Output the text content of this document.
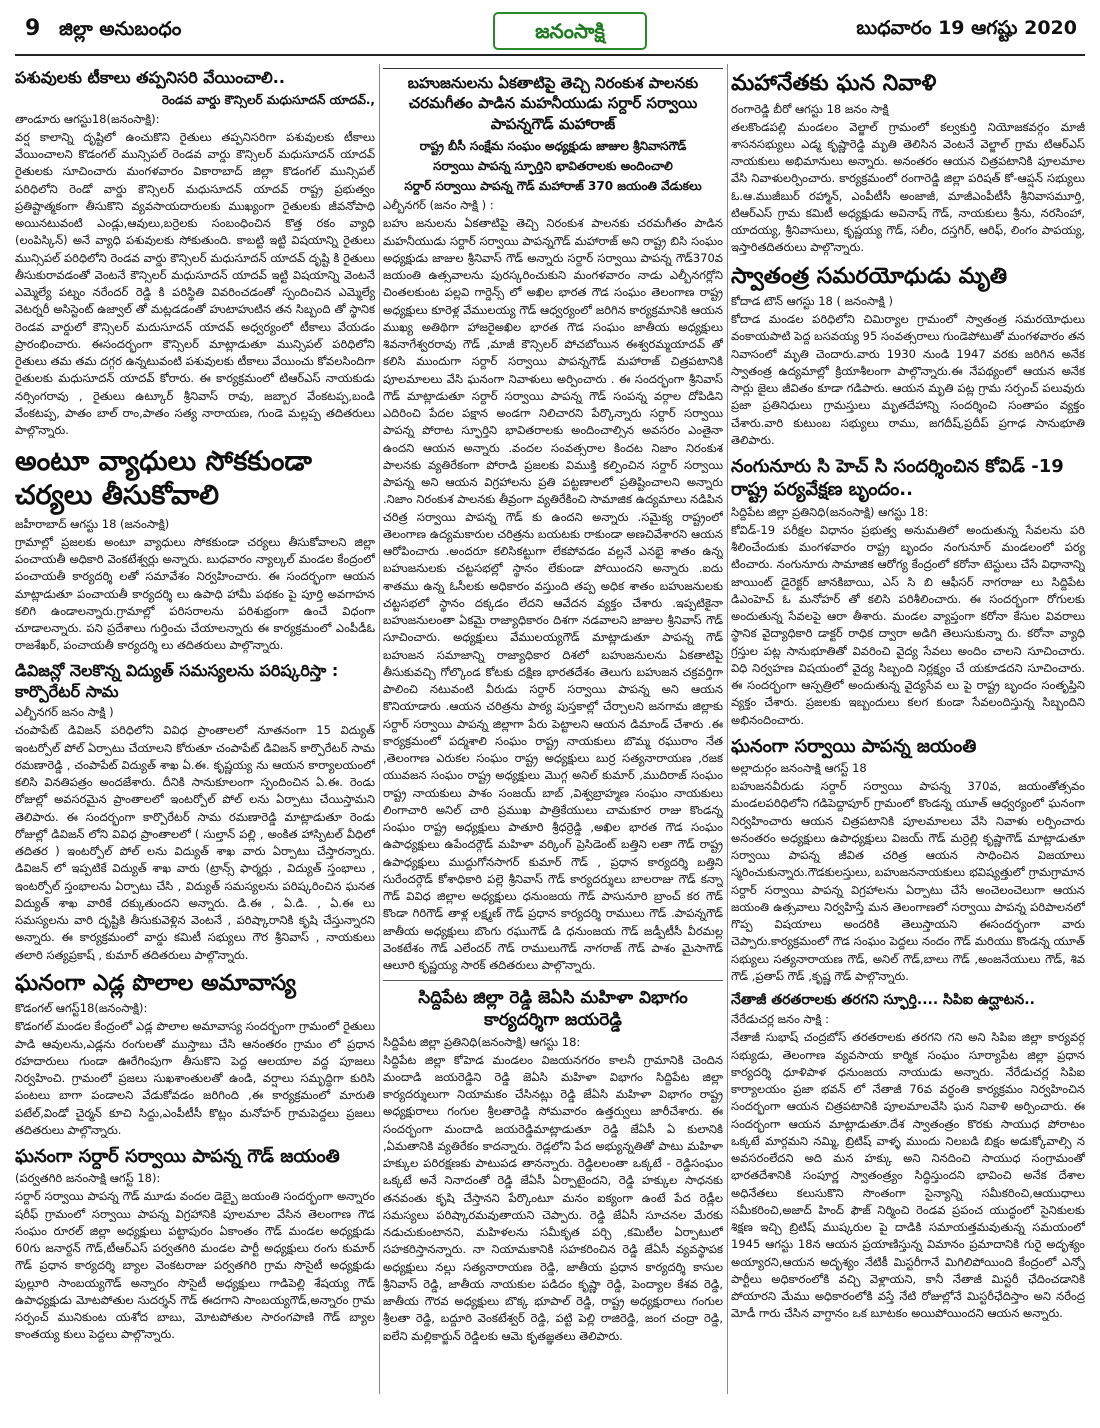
9 జిల్లా అనుబంధం	జనంసాక్షి	బుధవారం 19 ఆగష్టు 2020
పశువులకు టీకాలు తప్పనిసరి వేయించాలి..
రెండవ వార్డు కౌన్సిలర్ మధుసూదన్ యాదవ్.,
తాండూరు ఆగస్టు18(జనంసాక్షి):

వర్ష కాలాన్ని దృష్టిలో ఉంచుకొని రైతులు తప్పనిసరిగా పశువులకు టీకాలు వేయించాలని కొడంగల్ మున్సిపల్ రెండవ వార్డు కౌన్సిలర్ మధుసూదన్ యాదవ్ రైతులకు సూచించారు మంగళవారం వికారాబాద్ జిల్లా కొడంగల్ మున్సిపల్ పరిధిలోని రెండో వార్డు కౌన్సిలర్ మధుసూదన్ యాదవ్ రాష్ట్ర ప్రభుత్వం ప్రతిష్టాత్మకంగా తీసుకొని వ్యవసాయదారులకు ముఖ్యంగా రైతులకు జీవనోపాధి అయినటువంటి ఎండ్లు,ఆవులు,బర్రెలకు సంబంధించిన కొత్త రకం వ్యాధి (లంపిస్కిన్) అనే వ్యాధి పశువులకు సోకుతుంది. కాబట్టి ఇట్టి విషయాన్ని రైతులు మున్సిపల్ పరిధిలోని రెండవ వార్డు కౌన్సిలర్ మధుసూదన్ యాదవ్ దృష్టి కి రైతులు తీసుకురావడంతో వెంటనే కౌన్సిలర్ మధుసూదన్ యాదవ్ ఇట్టి విషయాన్ని వెంటనే ఎమ్మెల్యే పట్నం నరేందర్ రెడ్డి కి పరిస్థితి వివరించడంతో స్పందించిన ఎమ్మెల్యే వెటర్నరీ అసిస్టెంట్ ఉజ్వాల్ తో మట్లడడంతో హుటాహుటిన తన సిబ్బంది తో స్థానిక రెండవ వార్డులో కౌన్సిలర్ మదుసూదన్ యాదవ్ అధ్వర్యంలో టీకాలు వేయడం ప్రారంభించారు. ఈసందర్భంగా కౌన్సిలర్ మాట్లాడుతూ మున్సిపల్ పరిధిలోని రైతులు తమ తమ దగ్గర ఉన్నటువంటి పశువులకు టీకాలు వేయించు కోవలసిందిగా రైతులకు మధుసూదన్ యాదవ్ కోరారు. ఈ కార్యక్రమంలో టిఆర్ఎస్ నాయకుడు నర్సింగరావు , రైతులు ఉట్కూర్ శ్రీనివాస్ రావు, జబ్బార వేంకటప్ప,బండి వేంకటప్ప, పాతం బాల్ రాం,పాతం సత్య నారాయణ, గుండె మల్లప్ప తదితరులు పాల్గొన్నారు.

అంటూ వ్యాధులు సోకకుండా చర్యలు తీసుకోవాలి
జహీరాబాద్ ఆగస్టు 18 (జనంసాక్షి)

గ్రామాల్లో ప్రజలకు అంటూ వ్యాధులు సోకకుండా చర్యలు తీసుకోవాలని జిల్లా పంచాయతీ అధికారి వెంకటేశ్వర్లు అన్నారు. బుధవారం న్యాల్కల్ మండల కేంద్రంలో పంచాయతీ కార్యదర్శి లతో సమావేశం నిర్వహించారు. ఈ సందర్భంగా ఆయన మాట్లాడుతూ పంచాయతీ కార్యదర్శి లు ఉపాధి హామీ పథకం పై పూర్తి అవగాహన కలిగి ఉండాలన్నారు.గ్రామాల్లో పరిసరాలను పరిశుభ్రంగా ఉంచే విధంగా చూడాలన్నారు. పని ప్రదేశాలు గుర్తించు చేయాలన్నారు ఈ కార్యక్రమంలో ఎంపీడీఓ రాజశేఖర్, పంచాయతీ కార్యదర్శి లు తదితరులు పాల్గొన్నారు.

డివిజన్లో నెలకొన్న విద్యుత్ సమస్యలను పరిష్కరిస్తా : కార్పొరేటర్ సామ
ఎల్బీనగర్ జనం సాక్షి )

చంపాపేట్ డివిజన్ పరిధిలోని వివిధ ప్రాంతాలలో నూతనంగా 15 విద్యుత్ ఇంటర్పోల్ పోల్ ఏర్పాటు చేయాలని కోరుతూ చంపాపేట్ డివిజన్ కార్పొరేటర్ సామ రమణారెడ్డి , చంపాపేట్ విద్యుత్ శాఖ ఏ.ఈ. కృష్ణయ్య ను ఆయన కార్యాలయంలో కలిసి వినతిపత్రం అందజేశారు. దీనికి సానుకూలంగా స్పందించిన ఏ.ఈ. రెండు రోజుల్లో అవసరమైన ప్రాంతాలలో ఇంటర్పోల్ పోల్ లను ఏర్పాటు చేయిస్తామని తెలిపారు. ఈ సందర్భంగా కార్పొరేటర్ సామ రమణారెడ్డి మాట్లాడుతూ రెండు రోజుల్లో డివిజన్ లోని వివిధ ప్రాంతాలలో ( సుల్తాన్ పల్లి , అంకిత హాస్పిటల్ వీధిలో తదితర ) ఇంటర్పోల్ పోల్ లను విద్యుత్ శాఖ వారు ఏర్పాటు చేస్తారన్నారు. డివిజన్ లో ఇప్పటికే విద్యుత్ శాఖ వారు (ట్రాన్స్ ఫార్మర్లు , విద్యుత్ స్తంభాలు , ఇంటర్పోల్ స్తంభాలను ఏర్పాటు చేసి , విద్యుత్ సమస్యలను పరిష్కరించిన ఘనత విద్యుత్ శాఖ వారికే దక్కుతుందని అన్నారు. డి.ఈ , ఏ.డి. , ఏ.ఈ లు సమస్యలను వారి దృష్టికి తీసుకువెళ్లిన వెంటనే , పరిష్కారానికి కృషి చేస్తున్నారని అన్నారు. ఈ కార్యక్రమంలో వార్డు కమిటీ సభ్యులు గౌర శ్రీనివాస్ , నాయకులు తలారి సత్యప్రకాష్ , కుమార్ తదితరులు పాల్గొన్నారు.

ఘనంగా ఎడ్ల పొలాల అమావాస్య
కొడంగల్ ఆగస్ట్18(జనంసాక్షి):

కొడంగల్ మండల కేంద్రంలో ఎడ్ల పొలాల అమావాస్య సందర్భంగా గ్రామంలో రైతులు పాడి ఆవులను,ఎడ్లను రంగులతో ముస్తాబు చేసి ఆనంతరం గ్రామం లో ప్రధాన రహదారులు గుండా ఊరేగింపుగా తీసుకొని పెద్ద ఆలయాల వద్ద పూజలు నిర్వహించి. గ్రామంలో ప్రజలు సుఖశాంతులతో ఉండి, వర్షాలు సమృద్ధిగా కురిసి పంటలు బాగా పండాలని వేడుకోవడం జరిగింది ,ఈ కార్యక్రమంలో మారుతి పటేల్,విండో చైర్మన్ కూచి సిద్దు,ఎంపీటీసీ కొట్లం మనోహర్ గ్రామపెద్దలు ప్రజలు తదితరులు పాల్గొన్నారు.

ఘనంగా సర్దార్ సర్వాయి పాపన్న గౌడ్ జయంతి
(పర్వతగిరి జనంసాక్షి ఆగస్ట్ 18):

సర్దార్ సర్వాయి పాపన్న గౌడ్ మూడు వందల డెబ్బై జయంతి సందర్భంగా అన్నారం షరీఫ్ గ్రామంలో సర్వాయి పాపన్న విగ్రహానికి పూలమాల వేసిన తెలంగాణ గౌడ సంఘం రూరల్ జిల్లా అధ్యక్షులు పట్టాపురం ఏకాంతం గౌడ్ మండల అధ్యక్షుడు 60గు జనార్దన్ గౌడ్,టీఆర్ఎస్ పర్వతగిరి మండల పార్టీ అధ్యక్షులు రంగు కుమార్ గౌడ్ ప్రధాన కార్యదర్శి బ్యాల వెంకటరాజు పర్వతగిరి గ్రామ సొసైటీ అధ్యక్షుడు పుల్లూరి సాంబయ్యగౌడ్ అన్నారం సొసైటీ అధ్యక్షులు గాడిపెల్లి శేషయ్య గౌడ్ ఉపాధ్యక్షుడు మోటపోతుల సుదర్శన్ గౌడ్ ఈదగాని సాంబయ్యగౌడ్,అన్నారం గ్రామ సర్పంచ్ మునికుంట యశోద బాబు, మోటపోతుల సారంగపాణి గౌడ్ బ్యాల కాంతయ్య కులు పెద్దలు పాల్గొన్నారు.

బహుజనులను ఏకతాటిపై తెచ్చి నిరంకుశ పాలనకు చరమగీతం పాడిన మహనీయుడు సర్దార్ సర్వాయి పాపన్నగౌడ్ మహారాజ్
రాష్ట్ర బీసీ సంక్షేమ సంఘం అధ్యక్షుడు జాజుల శ్రీనివాసగౌడ్
సర్వాయి పాపన్న స్ఫూర్తిని భావితరాలకు అందించాలి
సర్దార్ సర్వాయి పాపన్న గౌడ్ మహారాజ్ 370 జయంతి వేడుకలు
ఎల్బీనగర్ (జనం సాక్షి ) :

బహు జనులను ఏకతాటిపై తెచ్చి నిరంకుశ పాలనకు చరమగీతం పాడిన మహనీయుడు సర్దార్ సర్వాయి పాపన్నగౌడ్ మహారాజ్ అని రాష్ట్ర బిసి సంఘం అధ్యక్షుడు జాజుల శ్రీనివాస్ గౌడ్ అన్నారు సర్దార్ సర్వాయి పాపన్న గౌడ్370వ జయంతి ఉత్సవాలను పురస్కరించుకుని మంగళవారం నాడు ఎల్బీనగర్లోని చింతలకుంట పల్లవి గార్డెన్స్ లో అఖిల భారత గౌడ సంఘం తెలంగాణ రాష్ట్ర అధ్యక్షులు కూరెళ్ల వేములయ్య గౌడ్ ఆధ్వర్యంలో జరిగిన కార్యక్రమానికి ఆయన ముఖ్య అతిథిగా హాజరైఅఖిల భారత గౌడ సంఘం జాతీయ అధ్యక్షులు శివనాగేశ్వరరావు గౌడ్ ,మాజీ కౌన్సిలర్ పోచబోయిన ఈశ్వరమ్మయాదవ్ తో కలిసి ముందుగా సర్దార్ సర్వాయి పాపన్నగౌడ్ మహారాజ్ చిత్రపటానికి పూలమాలలు వేసి ఘనంగా నివాళులు అర్పించారు . ఈ సందర్భంగా శ్రీనివాస్ గౌడ్ మాట్లాడుతూ సర్దార్ సర్వాయి పాపన్న గౌడ్ సంపన్న వర్గాల దోపిడిని ఎదిరించి పేదల పక్షాన అండగా నిలిచారని పేర్కొన్నారు సర్దార్ సర్వాయి పాపన్న పోరాట స్ఫూర్తిని భావితరాలకు అందించాల్సిన అవసరం ఎంతైనా ఉందని ఆయన అన్నారు .వందల సంవత్సరాల కిందట నిజాం నిరంకుశ పాలనకు వ్యతిరేకంగా పోరాడి ప్రజలకు విముక్తి కల్పించిన సర్దార్ సర్వాయి పాపన్న అని ఆయన విగ్రహాలను ప్రతి పట్టణాలలో ప్రతిష్టించాలని అన్నారు .నిజాం నిరంకుశ పాలనకు తీవ్రంగా వ్యతిరేకించి సామాజిక ఉద్యమాలు నడిపిన చరిత్ర సర్వాయి పాపన్న గౌడ్ కు ఉందని అన్నారు .సమైక్య రాష్ట్రంలో తెలంగాణ ఉద్యమకారుల చరిత్రను బయటకు రాకుండా అణచివేశారని ఆయన ఆరోపించారు .అందరూ కలిసికట్టుగా లేకపోవడం వల్లనే ఎనభై శాతం ఉన్న బహుజనులకు చట్టసభల్లో స్థానం లేకుండా పోయిందని అన్నారు .ఐదు శాతము ఉన్న ఓసీలకు అధికారం వస్తుంది తప్ప అధిక శాతం బహుజనులకు చట్టసభలో స్థానం దక్కడం లేదని ఆవేదన వ్యక్తం చేశారు .ఇప్పటికైనా బహుజనులంతా ఏకమై రాజ్యాధికారం దిశగా నడవాలని జాజుల శ్రీనివాస్ గౌడ్ సూచించారు. అధ్యక్షులు వేములయ్యగౌడ్ మాట్లాడుతూ పాపన్న గౌడ్ బహుజన సమాజాన్ని రాజ్యాధికార దిశలో బహుజనులను ఏకతాటిపై తీసుకువచ్చి గోల్కొండ కోటకు దక్షిణ భారతదేశం తెలుగు బహుజన చక్రవర్తిగా పాలించి నటువంటి వీరుడు సర్దార్ సర్వాయి పాపన్న అని ఆయన కొనియాడారు .ఆయన చరిత్రను పాఠ్య పుస్తకాల్లో చేర్చాలని జనగామ జిల్లాకు సర్దార్ సర్వాయి పాపన్న జిల్లాగా పేరు పెట్టాలని ఆయన డిమాండ్ చేశారు .ఈ కార్యక్రమంలో పద్మశాలి సంఘం రాష్ట్ర నాయకులు బొమ్మ రఘురాం నేత ,తెలంగాణ ఎరుకల సంఘం రాష్ట్ర అధ్యక్షులు బుర్ర సత్యనారాయణ ,రజక యువజన సంఘం రాష్ట్ర అధ్యక్షులు మొగ్గ అనిల్ కుమార్ ,ముదిరాజ్ సంఘం రాష్ట్ర నాయకులు పాశం సంజయ్ బాబ్ ,విశ్వబ్రాహ్మణ సంఘం నాయకులు లింగాచారి అనిల్ చారి ప్రముఖ పాత్రికేయులు చామకూర రాజు కొండన్న సంఘం రాష్ట్ర అధ్యక్షులు పాతూరి శ్రీధర్రెడ్డి ,అఖిల భారత గౌడ సంఘం ఉపాధ్యక్షులు ఉపేందర్గౌడ్ మహిళా వర్కింగ్ ప్రెసిడెంట్ బత్తిని లతా గౌడ్ రాష్ట్ర ఉపాధ్యక్షులు ముద్దుగోనసాగర్ కుమార్ గౌడ్ , ప్రధాన కార్యదర్శి బత్తిని సురేందర్గౌడ్ కోశాధికారి పల్లె శ్రీనివాస్ గౌడ్ కార్యదర్శులు బాలరాజు గౌడ్ కన్నా గౌడ్ వివిధ జిల్లాల అధ్యక్షులు ధనుంజయ గౌడ్ పాసునూరి బ్రాంచ్ కర గౌడ్ కొండా గిరిగౌడ్ తాళ్ల లక్ష్మణ్ గౌడ్ ప్రధాన కార్యదర్శి రాములు గౌడ్ .పాపన్నగౌడ్ జాతీయ అధ్యక్షులు బొంగు రఘుగౌడ్ డి ధనుంజయ గౌడ్ జడ్పీటీసీ వీరమల్ల వెంకటేశం గౌడ్ ఎలేందర్ గౌడ్ రాములుగౌడ్ నాగరాజ్ గౌడ్ పాశం మైసాగౌడ్ ఆలూరి కృష్ణయ్య సారక్ తదితరులు పాల్గొన్నారు.

సిద్దిపేట జిల్లా రెడ్డి జెఏసి మహిళా విభాగం కార్యదర్శిగా జయరెడ్డి
సిద్దిపేట జిల్లా ప్రతినిధి(జనంసాక్షి) ఆగస్టు 18:

సిద్దిపేట జిల్లా కోహెడ మండలం విజయనగరం కాలనీ గ్రామానికి చెందిన మందాడి జయరెడ్డిని రెడ్డి జెఏసి మహిళా విభాగం సిద్దిపేట జిల్లా కార్యదర్శులుగా నియామకం చేసినట్లు రెడ్డి జేఏసి మహిళా విభాగం రాష్ట్ర అధ్యక్షురాలు గంగుల శ్రీలతారెడ్డి సోమవారం ఉత్తర్వులు జారీచేశారు. ఈ సందర్భంగా మందాడి జయరెడ్డిమాట్లాడుతూ రెడ్డి జేఏసీ ఏ కులానికి ,ఏమతానికి వ్యతిరేకం కాదన్నారు. రెడ్లలోని పేద అభ్యున్నతితో పాటు మహిళా హక్కుల పరిరక్షణకు పాటుపడ తానన్నారు. రెడ్డిలలంతా ఒక్కటే - రెడ్డిసంఘం ఒక్కటే అనే నినాదంతో రెడ్డి జేఏసీ ఏర్పాటైందని, రెడ్డి హక్కుల సాధనకు తనవంతు కృషి చేస్తానని పేర్కొంటూ మనం ఐక్యంగా ఉంటే పేద రెడ్లీల సమస్యలు పరిష్కారమవుతాయని చెప్పారు. రెడ్డి జేఏసీ సూచనల మేరకు నడుచుకుంటానని, మహిళలను సమీకృత పర్చి ,కమిటీల ఏర్పాటులో సహకరిస్తానన్నారు. నా నియామకానికి సహకరించిన రెడ్డి జేఏసీ వ్యవస్థాపక అధ్యక్షులు నల్లు సత్యనారాయణ రెడ్డి, జాతీయ ప్రధాన కార్యదర్శి కాసుల శ్రీనివాస్ రెడ్డి, జాతీయ నాయకుల పడిదం కృష్ణా రెడ్డి, పెంద్యాల కేశవ రెడ్డి, జాతీయ గౌరవ అధ్యక్షులు బొక్క భూపాల్ రెడ్డి, రాష్ట్ర అధ్యక్షురాలు గంగుల శ్రీలతా రెడ్డి, బద్దూరి వెంకటేశ్వర్ రెడ్డి, పట్టి పెల్లి రాజిరెడ్డి, జంగ చంద్రా రెడ్డి, ఐలేని మల్లికార్జున్ రెడ్డిలకు ఆమె కృతజ్ఞతలు తెలిపారు.

మహానేతకు ఘన నివాళి
రంగారెడ్డి బీరో ఆగస్టు 18 జనం సాక్షి

తలకొండపల్లి మండలం వెల్జాల్ గ్రామంలో కల్వకుర్తి నియోజకవర్గం మాజీ శాసనసభ్యులు ఎడ్మ కృష్ణారెడ్డి మృతి తెలిసిన వెంటనే వెల్జాల్ గ్రామ టిఆర్ఎస్ నాయకులు అభిమానులు అన్నారు. అనంతరం ఆయన చిత్రపటానికి పూలమాల వేసి నివాళులర్పించారు. కార్యక్రమంలో రంగారెడ్డి జిల్లా పరిషత్ కో-ఆప్షన్ సభ్యులు ఓ.ఆ.ముజీబుర్ రహ్మాన్, ఎంపీటీసీ అంజాజీ, మాజీఎంపీటీసీ శ్రీనివాసమూర్తి, టిఆర్ఎస్ గ్రామ కమిటీ అధ్యక్షుడు అవినాష్ గౌడ్, నాయకులు శ్రీను, నరసింహా, యాదయ్య, శ్రీనివాసులు, కృష్ణయ్య గౌడ్, సలీం, దస్తగిర్, ఆరిఫ్, లింగం పాపయ్య, ఇస్తారితదితరులు పాల్గొన్నారు.

స్వాతంత్ర సమరయోధుడు మృతి
కోదాడ టౌన్ ఆగస్టు 18 ( జనంసాక్షి )

కోదాడ మండల పరిధిలోని చిమిర్యాల గ్రామంలో స్వాతంత్ర సమరయోధులు వంకాయపాటి పెద్ద బసవయ్య 95 సంవత్సరాలు గుండెపోటుతో మంగళవారం తన నివాసంలో మృతి చెందారు.వారు 1930 నుండి 1947 వరకు జరిగిన అనేక స్వాతంత్ర ఉద్యమాల్లో క్రియాశీలంగా పాల్గొన్నారు.ఈ నేపథ్యంలో ఆయన అనేక సార్లు జైలు జీవితం కూడా గడిపారు. ఆయన మృతి పట్ల గ్రామ సర్పంచ్ పలువురు ప్రజా ప్రతినిధులు గ్రామస్తులు మృతదేహాన్ని సందర్శించి సంతాపం వ్యక్తం చేశారు.వారి కుటుంబ సభ్యులు రాము, జగదీష్,ప్రదీప్ ప్రగాఢ సానుభూతి తెలిపారు.

నంగునూరు సి హెచ్ సి సందర్శించిన కోవిడ్ -19 రాష్ట్ర పర్యవేక్షణ బృందం..
సిద్దిపేట జిల్లా ప్రతినిధి(జనంసాక్షి) ఆగస్టు 18:

కోవిడ్-19 పరీక్షల విధానం ప్రభుత్వ అనుమతిలో అందుతున్న సేవలను పరి శీలించేందుకు మంగళవారం రాష్ట్ర బృందం నంగునూర్ మండలంలో పర్య టించారు. నంగునూరు సామాజిక ఆరోగ్య కేంద్రంలో కరోనా టెస్టులు చేసే విధానాన్ని జాయింట్ డైరెక్టర్ జానకిబాయి, ఎస్ సి బి ఆఫీసర్ నాగరాజు లు సిద్దిపేట డిఎంహెచ్ ఓ మనోహర్ తో కలిసి పరిశీలించారు. ఈ సందర్భంగా రోగులకు అందుతున్న సేవలపై ఆరా తీశారు. మండల వ్యాప్తంగా కరోనా కేసుల వివరాలు స్థానిక వైద్యాధికారి డాక్టర్ రాధిక ద్వారా అడిగి తెలుసుకున్నా రు. కరోనా వ్యాధి గ్రస్తుల పట్ల సానుభూతితో వివరించి వైద్య సేవలు అందిం చాలని సూచించారు. విధి నిర్వహణ విషయంలో వైద్య సిబ్బంది నిర్లక్ష్యం చే యకూడదని సూచించారు. ఈ సందర్భంగా ఆస్పత్రిలో అందుతున్న వైద్యసేవ లు పై రాష్ట్ర బృందం సంతృప్తిని వ్యక్తం చేశారు. ప్రజలకు ఇబ్బందులు కలగ కుండా సేవలందిస్తున్న సిబ్బందిని అభినందించారు.

ఘనంగా సర్వాయి పాపన్న జయంతి
అల్లాదుర్గం జనంసాక్షి ఆగస్ట్ 18

బహుజనవీరుడు సర్దార్ సర్వాయి పాపన్న 370వ, జయంతోత్సవం మండలపరిధిలోని గడిపెద్దాపూర్ గ్రామంలో కొండన్న యూత్ ఆధ్వర్యంలో ఘనంగా నిర్వహించారు ఆయన చిత్రపటానికి పూలమాలలు వేసి నివాళు లర్పించారు అనంతరం అధ్యక్షులు ఉపాధ్యక్షులు విజయ్ గౌడ్ మర్రెల్లి కృష్ణాగౌడ్ మాట్లాడుతూ సర్వాయి పాపన్న జీవిత చరిత్ర ఆయన సాధించిన విజయాలు స్మరించుకున్నారు.గౌడకులస్తులు, బహుజననాయకులు భవిష్యత్తులో గ్రామగ్రామాన సర్దార్ సర్వాయి పాపన్న విగ్రహాలను ఏర్పాటు చేసే అంచెలంచెలుగా ఆయన జయంతి ఉత్సవాలు నిర్వహిస్తే మన తెలంగాణలో సర్వాయి పాపన్న పరిపాలనలో గొప్ప విషయాలు అందరికి తెలుస్తాయని ఈసందర్భంగా వారు చెప్పారు.కార్యక్రమంలో గౌడ సంఘం పెద్దలు నందం గౌడ్ మరియు కొండన్న యూత్ సభ్యులు సత్యనారాయణ గౌడ్, అనిల్ గౌడ్,బాలు గౌడ్ ,అంజనేయులు గౌడ్, శివ గౌడ్ ,ప్రతాప్ గౌడ్ ,కృష్ణ గౌడ్ పాల్గొన్నారు.

నేతాజీ తరతరాలకు తరగని స్ఫూర్తి.... సిపిఐ ఉద్ఘాటన..
నేరేడుచర్ల జనం సాక్షి :

నేతాజీ సుభాష్ చంద్రబోస్ తరతరాలకు తరగని గని అని సిపిఐ జిల్లా కార్యవర్గ సభ్యుడు, తెలంగాణ వ్యవసాయ కార్మిక సంఘం సూర్యాపేట జిల్లా ప్రధాన కార్యదర్శి ధూళిపాళ ధనుంజయ నాయుడు అన్నారు. నేరేడుచర్ల సిపిఐ కార్యాలయం ప్రజా భవన్ లో నేతాజీ 76వ వర్ధంతి కార్యక్రమం నిర్వహించిన సందర్భంగా ఆయన చిత్రపటానికి పూలమాలవేసి ఘన నివాళి అర్పించారు. ఈ సందర్భంగా ఆయన మాట్లాడుతూ.దేశ స్వాతంత్రం కొరకు సాయుధ పోరాటం ఒక్కటే మార్గమని నమ్మి, బ్రిటిష్ వాళ్ళ ముందు నిలబడి బిక్షం అడుక్కోవాల్సి న అవసరంలేదని అది మన హక్కు అని నినదించి సాయుధ సంగ్రామంతో భారతదేశానికి సంపూర్ణ స్వాతంత్ర్యం సిద్ధిస్తుందని భావించి అనేక దేశాల అధినేతలు కలుసుకొని సొంతంగా సైన్యాన్ని సమీకరించి,ఆయుధాలు సమీకరించి,అజాద్ హింద్ ఫౌజ్ నిర్మించి రెండవ ప్రపంచ యుద్ధంలో సైనికులకు శిక్షణ ఇచ్చి బ్రిటిష్ ముష్కరుల పై దాడికి సమాయత్తమవుతున్న సమయంలో 1945 ఆగస్టు 18న ఆయన ప్రయాణిస్తున్న విమానం ప్రమాదానికి గురై అదృశ్యం అయ్యారని,ఆయన అదృశ్యం నేటికీ మిస్టరీగానే మిగిలిపోయింది కేంద్రంలో ఎన్నో పార్టీలు అధికారంలోకి వచ్చి వెళ్లాయని, కానీ నేతాజీ మిస్టరీ ఛేదించడానికి పోయారని మేము అధికారంలోకి వస్తే నేటి రోజుల్లోనే మిస్టరీఛేదిస్తాం అని నరేంద్ర మోడీ గారు చేసిన వాగ్దానం ఒక బూటకం అయిపోయిందని ఆయన అన్నారు.
